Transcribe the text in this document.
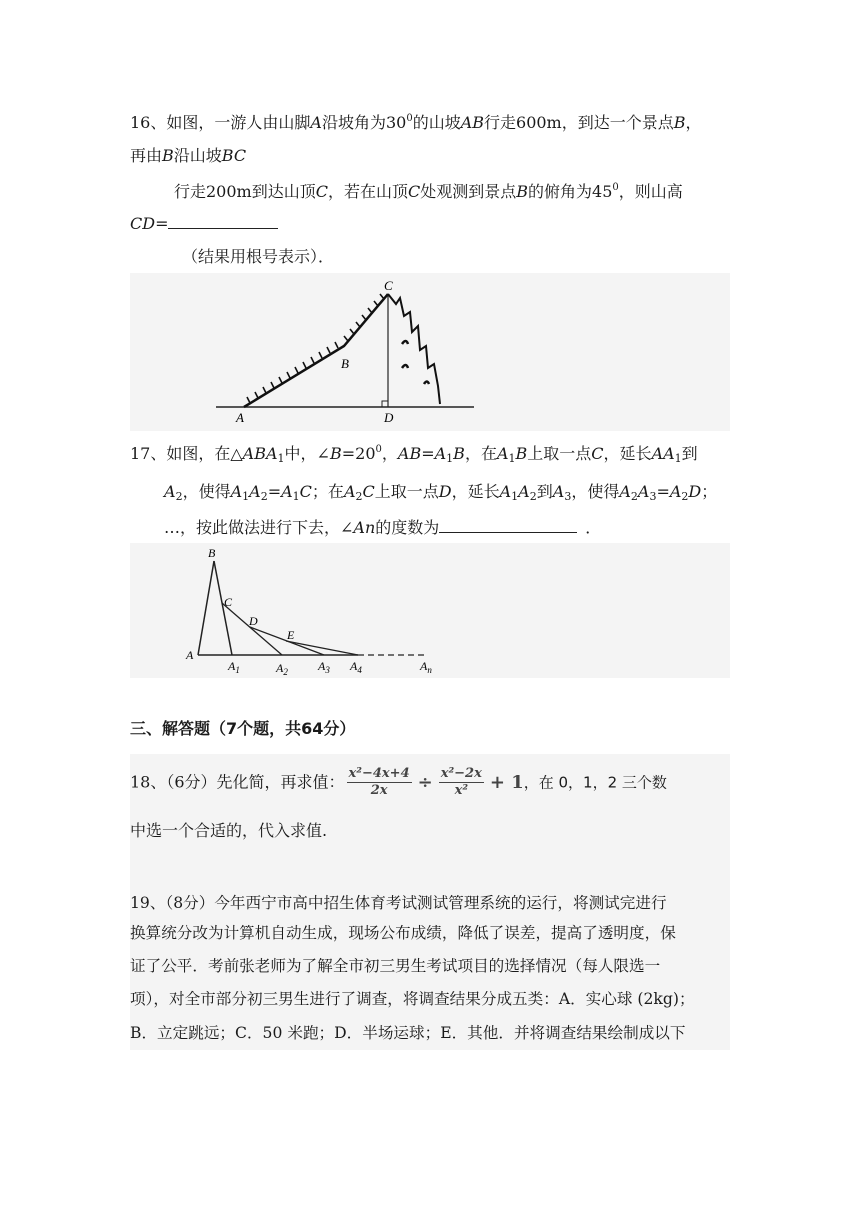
16、如图，一游人由山脚A沿坡角为$30^0$的山坡AB行走600m，到达一个景点B，
再由B沿山坡BC
行走200m到达山顶C，若在山顶C处观测到景点B的俯角为$45^0$，则山高
CD=
（结果用根号表示）．
C
B
A	D
17、如图，在$\triangle ABA_1$中，$\angle B=20^0$，$AB=A_1B$，在$A_1B$上取一点C，延长$AA_1$到
$A_2$，使得$A_1A_2=A_1C$；在$A_2C$上取一点D，延长$A_1A_2$到$A_3$，使得$A_2A_3=A_2D$；
…，按此做法进行下去，∠An的度数为	．
B
C
D
E
A
$A_1$	$A_2$	$A_3$ $A_4$	$A_n$
三、解答题（7个题，共64分）
18、（6分）先化简，再求值： $\frac{\text{x²−4x+4}}{2x} \div \frac{\text{x²−2x}}{\text{x²}} + 1$，在 0，1，2 三个数
中选一个合适的，代入求值.
19、（8分）今年西宁市高中招生体育考试测试管理系统的运行，将测试完进行
换算统分改为计算机自动生成，现场公布成绩，降低了误差，提高了透明度，保
证了公平．考前张老师为了解全市初三男生考试项目的选择情况（每人限选一
项），对全市部分初三男生进行了调查，将调查结果分成五类：A．实心球 (2kg)；
B．立定跳远；C．50 米跑；D．半场运球；E．其他．并将调查结果绘制成以下
